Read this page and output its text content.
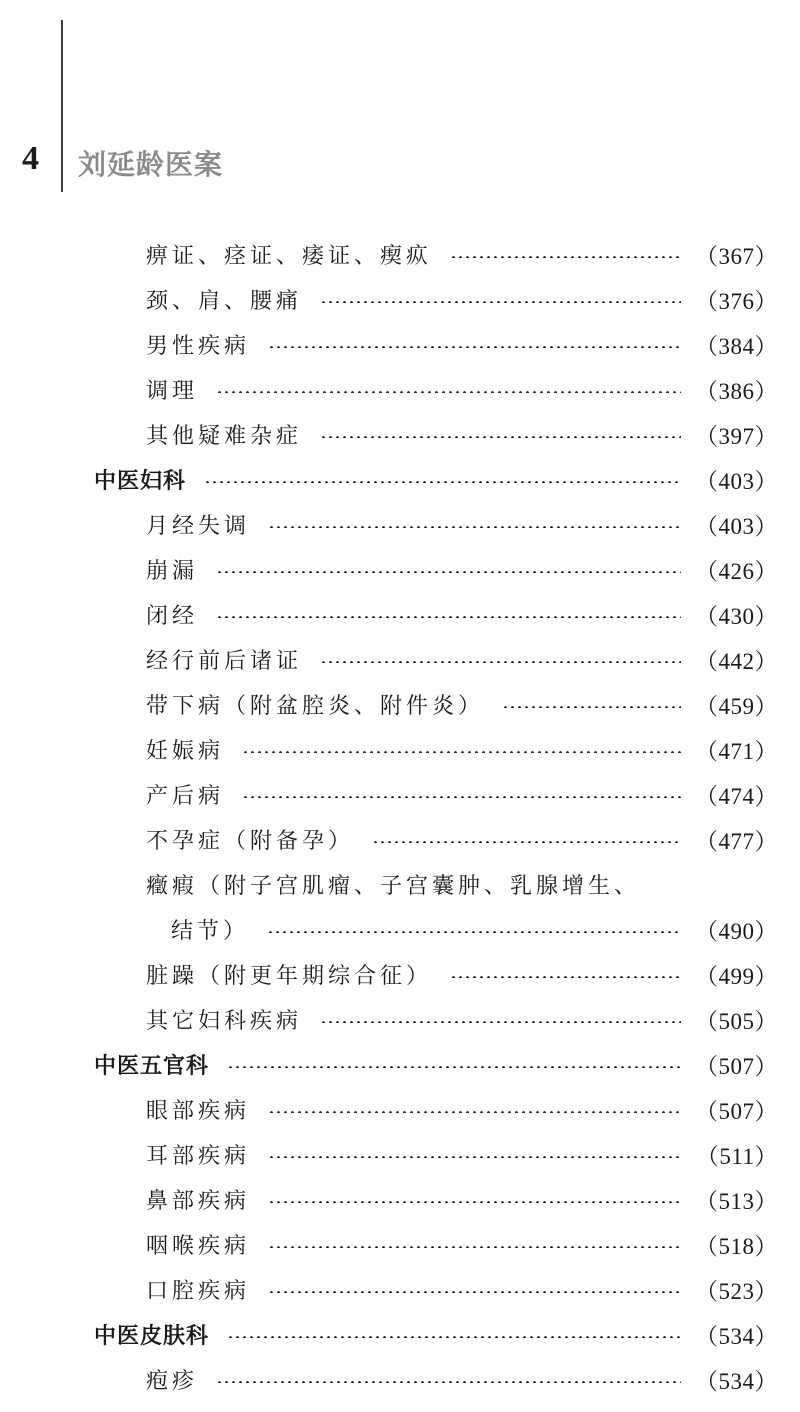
4 刘延龄医案
痹证、痉证、痿证、瘈疭	（367）
颈、肩、腰痛	（376）
男性疾病	（384）
调理	（386）
其他疑难杂症	（397）
中医妇科	（403）
月经失调	（403）
崩漏	（426）
闭经	（430）
经行前后诸证	（442）
带下病（附盆腔炎、附件炎）	（459）
妊娠病	（471）
产后病	（474）
不孕症（附备孕）	（477）
癥瘕（附子宫肌瘤、子宫囊肿、乳腺增生、
结节）	（490）
脏躁（附更年期综合征）	（499）
其它妇科疾病	（505）
中医五官科	（507）
眼部疾病	（507）
耳部疾病	（511）
鼻部疾病	（513）
咽喉疾病	（518）
口腔疾病	（523）
中医皮肤科	（534）
疱疹	（534）
